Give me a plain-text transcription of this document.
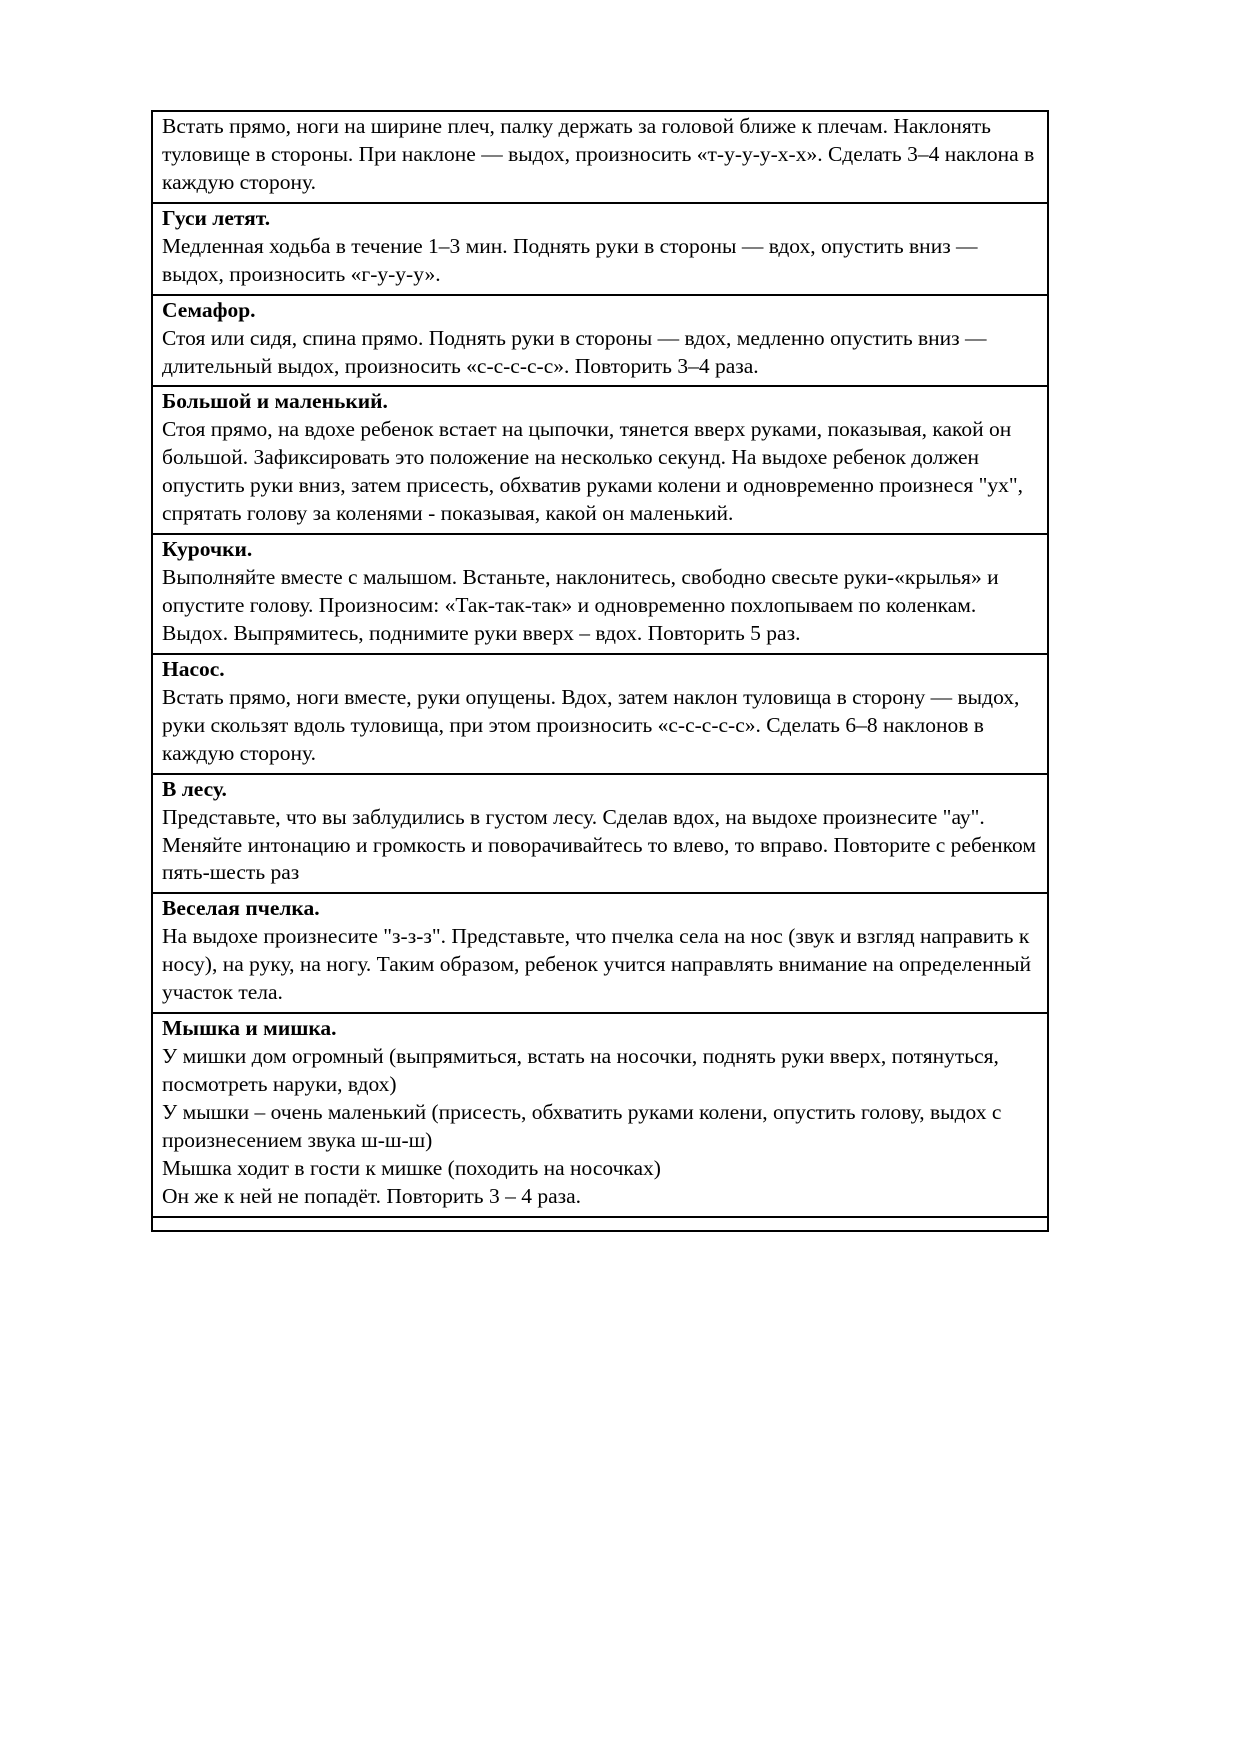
Встать прямо, ноги на ширине плеч, палку держать за головой ближе к плечам. Наклонять туловище в стороны. При наклоне — выдох, произносить «т-у-у-у-х-х». Сделать 3–4 наклона в каждую сторону.

Гуси летят.

Медленная ходьба в течение 1–3 мин. Поднять руки в стороны — вдох, опустить вниз — выдох, произносить «г-у-у-у».

Семафор.

Стоя или сидя, спина прямо. Поднять руки в стороны — вдох, медленно опустить вниз — длительный выдох, произносить «с-с-с-с-с». Повторить 3–4 раза.

Большой и маленький.

Стоя прямо, на вдохе ребенок встает на цыпочки, тянется вверх руками, показывая, какой он большой. Зафиксировать это положение на несколько секунд. На выдохе ребенок должен опустить руки вниз, затем присесть, обхватив руками колени и одновременно произнеся "ух", спрятать голову за коленями - показывая, какой он маленький.

Курочки.

Выполняйте вместе с малышом. Встаньте, наклонитесь, свободно свесьте руки-«крылья» и опустите голову. Произносим: «Так-так-так» и одновременно похлопываем по коленкам. Выдох. Выпрямитесь, поднимите руки вверх – вдох. Повторить 5 раз.

Насос.

Встать прямо, ноги вместе, руки опущены. Вдох, затем наклон туловища в сторону — выдох, руки скользят вдоль туловища, при этом произносить «с-с-с-с-с». Сделать 6–8 наклонов в каждую сторону.

В лесу.

Представьте, что вы заблудились в густом лесу. Сделав вдох, на выдохе произнесите "ау". Меняйте интонацию и громкость и поворачивайтесь то влево, то вправо. Повторите с ребенком пять-шесть раз

Веселая пчелка.

На выдохе произнесите "з-з-з". Представьте, что пчелка села на нос (звук и взгляд направить к носу), на руку, на ногу. Таким образом, ребенок учится направлять внимание на определенный участок тела.

Мышка и мишка.

У мишки дом огромный (выпрямиться, встать на носочки, поднять руки вверх, потянуться, посмотреть наруки, вдох)

У мышки – очень маленький (присесть, обхватить руками колени, опустить голову, выдох с произнесением звука ш-ш-ш)

Мышка ходит в гости к мишке (походить на носочках)

Он же к ней не попадёт. Повторить 3 – 4 раза.
